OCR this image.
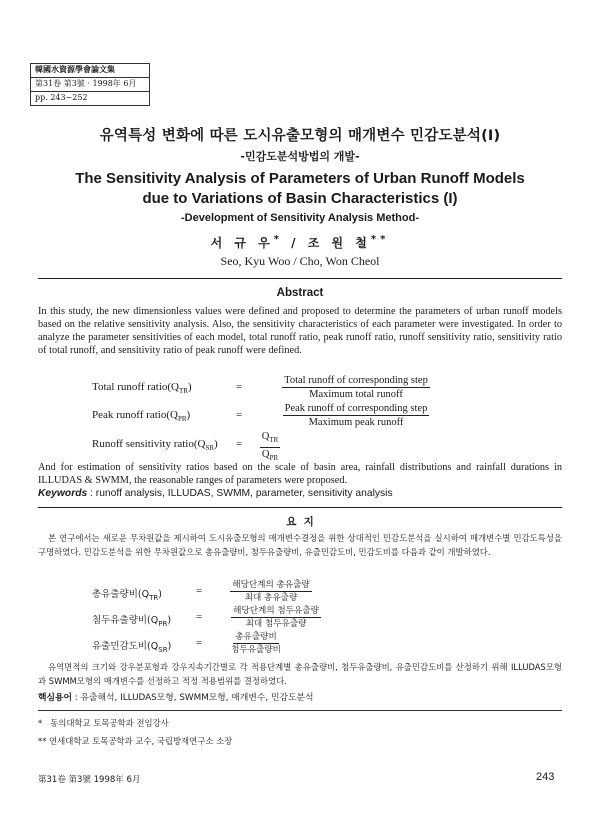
韓國水資源學會論文集
第31卷 第3號 · 1998年 6月
pp. 243∼252
유역특성 변화에 따른 도시유출모형의 매개변수 민감도분석(I)
-민감도분석방법의 개발-
The Sensitivity Analysis of Parameters of Urban Runoff Models
due to Variations of Basin Characteristics (I)
-Development of Sensitivity Analysis Method-
서 규 우* / 조 원 철**
Seo, Kyu Woo / Cho, Won Cheol
Abstract
In this study, the new dimensionless values were defined and proposed to determine the parameters of urban runoff models based on the relative sensitivity analysis. Also, the sensitivity characteristics of each parameter were investigated. In order to analyze the parameter sensitivities of each model, total runoff ratio, peak runoff ratio, runoff sensitivity ratio, sensitivity ratio of total runoff, and sensitivity ratio of peak runoff were defined.
Total runoff $ratio(Q_{TR})$	=
Total runoff of corresponding step
Maximum total runoff
Peak runoff $ratio(Q_{PR})$	=
Peak runoff of corresponding step
Maximum peak runoff
Runoff sensitivity $ratio(Q_{SR})$ =
$Q_{TR}$
$Q_{PR}$
And for estimation of sensitivity ratios based on the scale of basin area, rainfall distributions and rainfall durations in ILLUDAS & SWMM, the reasonable ranges of parameters were proposed.
Keywords : runoff analysis, ILLUDAS, SWMM, parameter, sensitivity analysis
요  지
본 연구에서는 새로운 무차원값을 제시하여 도시유출모형의 매개변수결정을 위한 상대적인 민감도분석을 실시하여 매개변수별 민감도특성을 구명하였다. 민감도분석을 위한 무차원값으로 총유출량비, 첨두유출량비, 유출민감도비, 민감도비를 다음과 같이 개발하였다.
총유출량비$(Q_{TR})$	=	해당단계의 총유출량
최대 총유출량
첨두유출량비$(Q_{PR})$ =	해당단계의 첨두유출량
최대 첨두유출량
유출민감도비$(Q_{SR})$ =	총유출량비
첨두유출량비
유역면적의 크기와 강우분포형과 강우지속기간별로 각 적용단계별 총유출량비, 첨두유출량비, 유출민감도비를 산정하기 위해 ILLUDAS모형과 SWMM모형의 매개변수를 선정하고 적정 적용범위를 결정하였다.
핵심용어 : 유출해석, ILLUDAS모형, SWMM모형, 매개변수, 민감도분석
* 동의대학교 토목공학과 전임강사
** 연세대학교 토목공학과 교수, 국립방재연구소 소장
第31卷 第3號 1998年 6月	243
